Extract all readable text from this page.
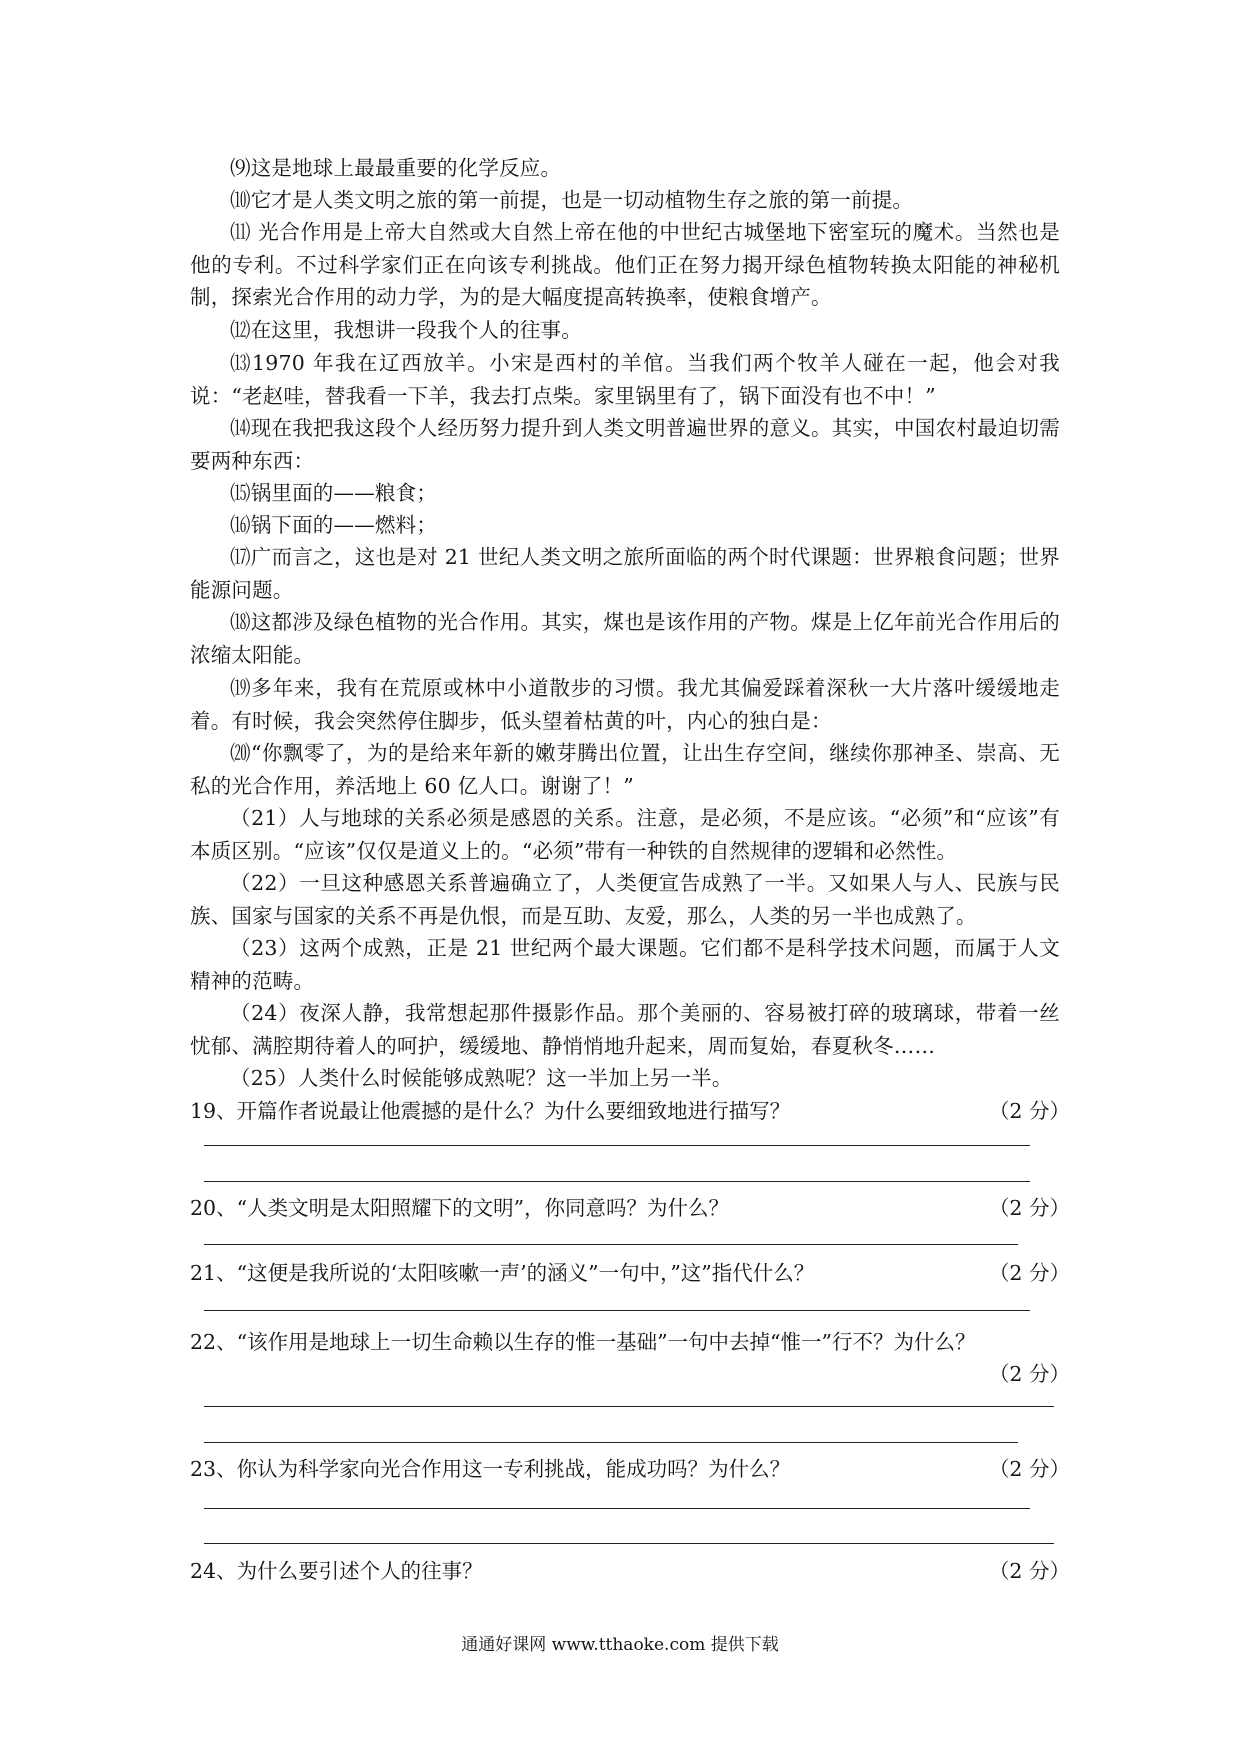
⑼这是地球上最最重要的化学反应。

⑽它才是人类文明之旅的第一前提，也是一切动植物生存之旅的第一前提。

⑾ 光合作用是上帝大自然或大自然上帝在他的中世纪古城堡地下密室玩的魔术。当然也是他的专利。不过科学家们正在向该专利挑战。他们正在努力揭开绿色植物转换太阳能的神秘机制，探索光合作用的动力学，为的是大幅度提高转换率，使粮食增产。

⑿在这里，我想讲一段我个人的往事。

⒀1970 年我在辽西放羊。小宋是西村的羊倌。当我们两个牧羊人碰在一起，他会对我说：“老赵哇，替我看一下羊，我去打点柴。家里锅里有了，锅下面没有也不中！”

⒁现在我把我这段个人经历努力提升到人类文明普遍世界的意义。其实，中国农村最迫切需要两种东西：

⒂锅里面的——粮食；

⒃锅下面的——燃料；

⒄广而言之，这也是对 21 世纪人类文明之旅所面临的两个时代课题：世界粮食问题；世界能源问题。

⒅这都涉及绿色植物的光合作用。其实，煤也是该作用的产物。煤是上亿年前光合作用后的浓缩太阳能。

⒆多年来，我有在荒原或林中小道散步的习惯。我尤其偏爱踩着深秋一大片落叶缓缓地走着。有时候，我会突然停住脚步，低头望着枯黄的叶，内心的独白是：

⒇“你飘零了，为的是给来年新的嫩芽腾出位置，让出生存空间，继续你那神圣、崇高、无私的光合作用，养活地上 60 亿人口。谢谢了！”

（21）人与地球的关系必须是感恩的关系。注意，是必须，不是应该。“必须”和“应该”有本质区别。“应该”仅仅是道义上的。“必须”带有一种铁的自然规律的逻辑和必然性。

（22）一旦这种感恩关系普遍确立了，人类便宣告成熟了一半。又如果人与人、民族与民族、国家与国家的关系不再是仇恨，而是互助、友爱，那么，人类的另一半也成熟了。

（23）这两个成熟，正是 21 世纪两个最大课题。它们都不是科学技术问题，而属于人文精神的范畴。

（24）夜深人静，我常想起那件摄影作品。那个美丽的、容易被打碎的玻璃球，带着一丝忧郁、满腔期待着人的呵护，缓缓地、静悄悄地升起来，周而复始，春夏秋冬……

（25）人类什么时候能够成熟呢？这一半加上另一半。

19、开篇作者说最让他震撼的是什么？为什么要细致地进行描写？	（2 分）
20、“人类文明是太阳照耀下的文明”，你同意吗？为什么？	（2 分）
21、“这便是我所说的‘太阳咳嗽一声’的涵义”一句中，”这”指代什么？	（2 分）
22、“该作用是地球上一切生命赖以生存的惟一基础”一句中去掉“惟一”行不？为什么？
（2 分）
23、你认为科学家向光合作用这一专利挑战，能成功吗？为什么？	（2 分）
24、为什么要引述个人的往事？	（2 分）
通通好课网 www.tthaoke.com 提供下载
